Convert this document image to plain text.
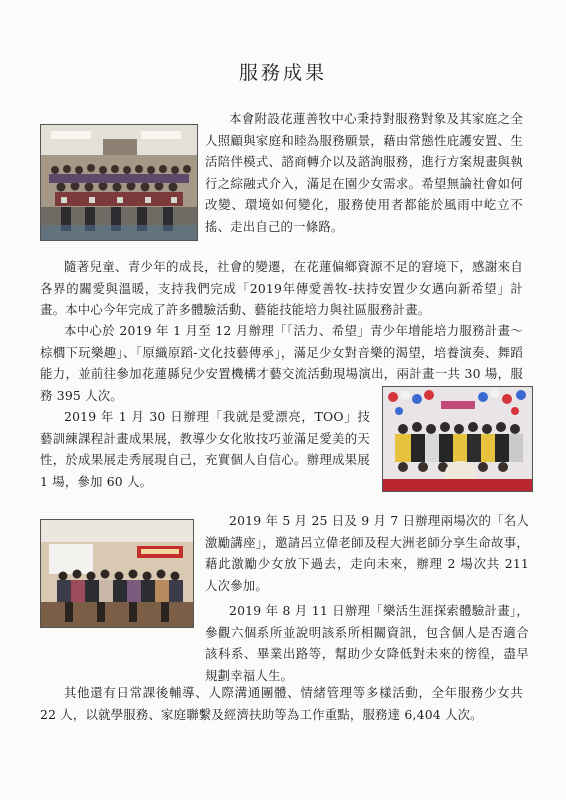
服務成果

本會附設花蓮善牧中心秉持對服務對象及其家庭之全人照顧與家庭和睦為服務願景，藉由常態性庇護安置、生活陪伴模式、諮商轉介以及諮詢服務，進行方案規畫與執行之綜融式介入，滿足在園少女需求。希望無論社會如何改變、環境如何變化，服務使用者都能於風雨中屹立不搖、走出自己的一條路。

隨著兒童、青少年的成長，社會的變遷，在花蓮偏鄉資源不足的窘境下，感謝來自各界的關愛與溫暖，支持我們完成「2019年傳愛善牧-扶持安置少女邁向新希望」計畫。本中心今年完成了許多體驗活動、藝能技能培力與社區服務計畫。

本中心於 2019 年 1 月至 12 月辦理「「活力、希望」青少年增能培力服務計畫～棕櫚下玩樂趣」、「原織原蹈-文化技藝傳承」，滿足少女對音樂的渴望，培養演奏、舞蹈能力，並前往參加花蓮縣兒少安置機構才藝交流活動現場演出，兩計畫一共 30 場，服務 395 人次。

2019 年 1 月 30 日辦理「我就是愛漂亮，TOO」技藝訓練課程計畫成果展，教導少女化妝技巧並滿足愛美的天性，於成果展走秀展現自己，充實個人自信心。辦理成果展 1 場，參加 60 人。

2019 年 5 月 25 日及 9 月 7 日辦理兩場次的「名人激勵講座」，邀請呂立偉老師及程大洲老師分享生命故事，藉此激勵少女放下過去，走向未來，辦理 2 場次共 211 人次參加。

2019 年 8 月 11 日辦理「樂活生涯探索體驗計畫」，參觀六個系所並說明該系所相關資訊，包含個人是否適合該科系、畢業出路等，幫助少女降低對未來的徬徨，盡早規劃幸福人生。

其他還有日常課後輔導、人際溝通團體、情緒管理等多樣活動，全年服務少女共 22 人，以就學服務、家庭聯繫及經濟扶助等為工作重點，服務達 6,404 人次。
